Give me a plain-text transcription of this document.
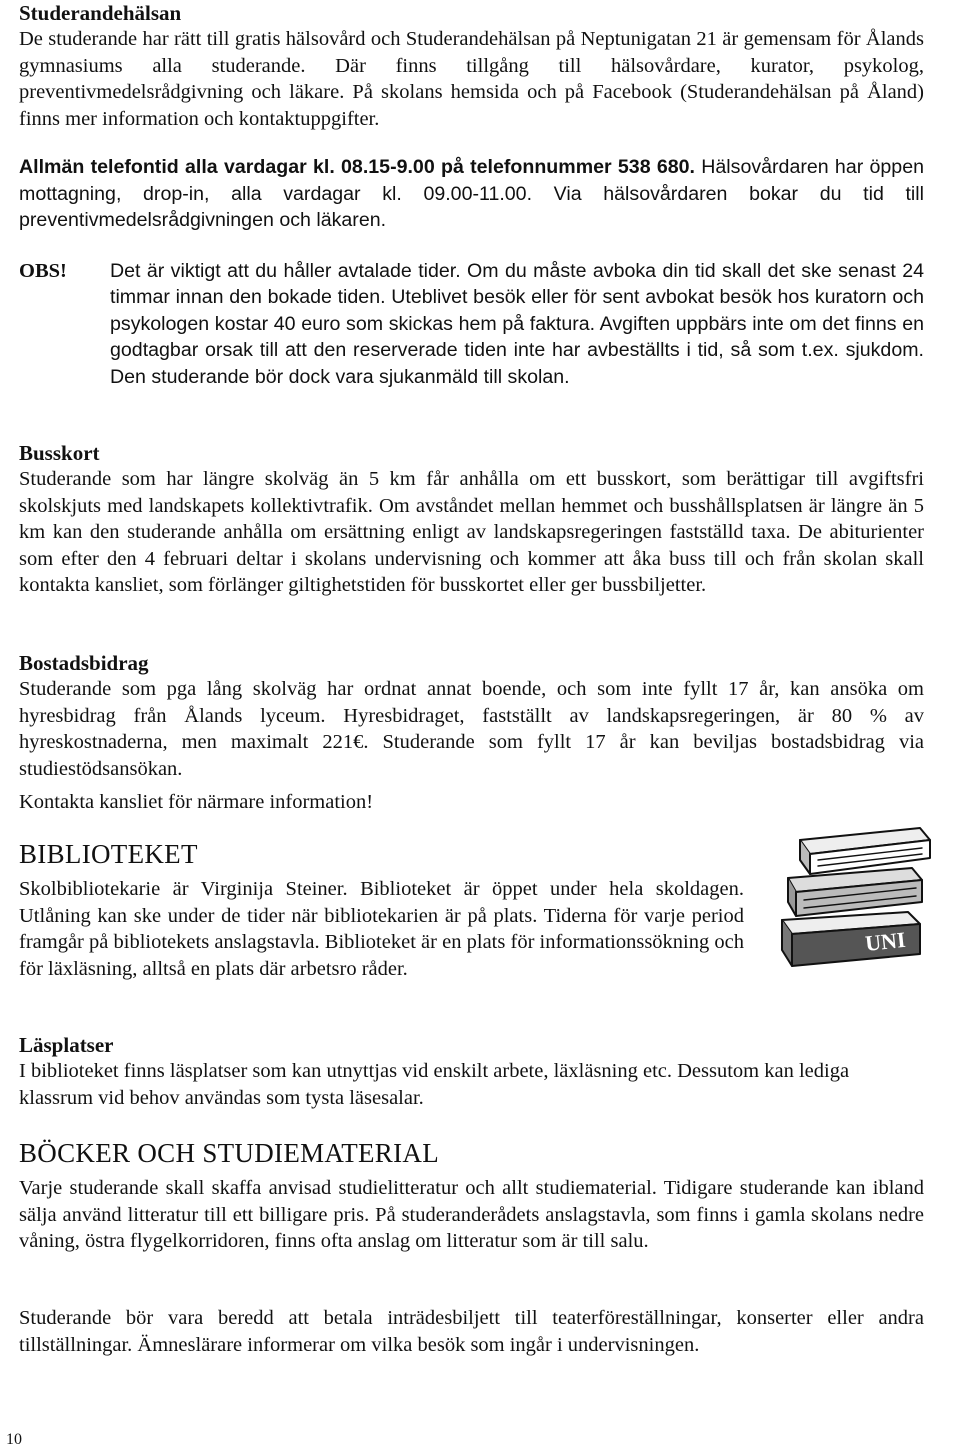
Studerandehälsan

De studerande har rätt till gratis hälsovård och Studerandehälsan på Neptunigatan 21 är gemensam för Ålands gymnasiums alla studerande. Där finns tillgång till hälsovårdare, kurator, psykolog, preventivmedelsrådgivning och läkare. På skolans hemsida och på Facebook (Studerandehälsan på Åland) finns mer information och kontaktuppgifter.

Allmän telefontid alla vardagar kl. 08.15-9.00 på telefonnummer 538 680. Hälsovårdaren har öppen mottagning, drop-in, alla vardagar kl. 09.00-11.00. Via hälsovårdaren bokar du tid till preventivmedelsrådgivningen och läkaren.

OBS!	Det är viktigt att du håller avtalade tider. Om du måste avboka din tid skall det ske senast 24 timmar innan den bokade tiden. Uteblivet besök eller för sent avbokat besök hos kuratorn och psykologen kostar 40 euro som skickas hem på faktura. Avgiften uppbärs inte om det finns en godtagbar orsak till att den reserverade tiden inte har avbeställts i tid, så som t.ex. sjukdom. Den studerande bör dock vara sjukanmäld till skolan.
Busskort

Studerande som har längre skolväg än 5 km får anhålla om ett busskort, som berättigar till avgiftsfri skolskjuts med landskapets kollektivtrafik. Om avståndet mellan hemmet och busshållsplatsen är längre än 5 km kan den studerande anhålla om ersättning enligt av landskapsregeringen fastställd taxa. De abiturienter som efter den 4 februari deltar i skolans undervisning och kommer att åka buss till och från skolan skall kontakta kansliet, som förlänger giltighetstiden för busskortet eller ger bussbiljetter.

Bostadsbidrag

Studerande som pga lång skolväg har ordnat annat boende, och som inte fyllt 17 år, kan ansöka om hyresbidrag från Ålands lyceum. Hyresbidraget, fastställt av landskapsregeringen, är 80 % av hyreskostnaderna, men maximalt 221€. Studerande som fyllt 17 år kan beviljas bostadsbidrag via studiestödsansökan.

Kontakta kansliet för närmare information!

BIBLIOTEKET

Skolbibliotekarie är Virginija Steiner. Biblioteket är öppet under hela skoldagen. Utlåning kan ske under de tider när bibliotekarien är på plats. Tiderna för varje period framgår på bibliotekets anslagstavla. Biblioteket är en plats för informationssökning och för läxläsning, alltså en plats där arbetsro råder.

Läsplatser

I biblioteket finns läsplatser som kan utnyttjas vid enskilt arbete, läxläsning etc. Dessutom kan lediga klassrum vid behov användas som tysta läsesalar.

BÖCKER OCH STUDIEMATERIAL

Varje studerande skall skaffa anvisad studielitteratur och allt studiematerial. Tidigare studerande kan ibland sälja använd litteratur till ett billigare pris. På studeranderådets anslagstavla, som finns i gamla skolans nedre våning, östra flygelkorridoren, finns ofta anslag om litteratur som är till salu.

Studerande bör vara beredd att betala inträdesbiljett till teaterföreställningar, konserter eller andra tillställningar. Ämneslärare informerar om vilka besök som ingår i undervisningen.

UNI
10
